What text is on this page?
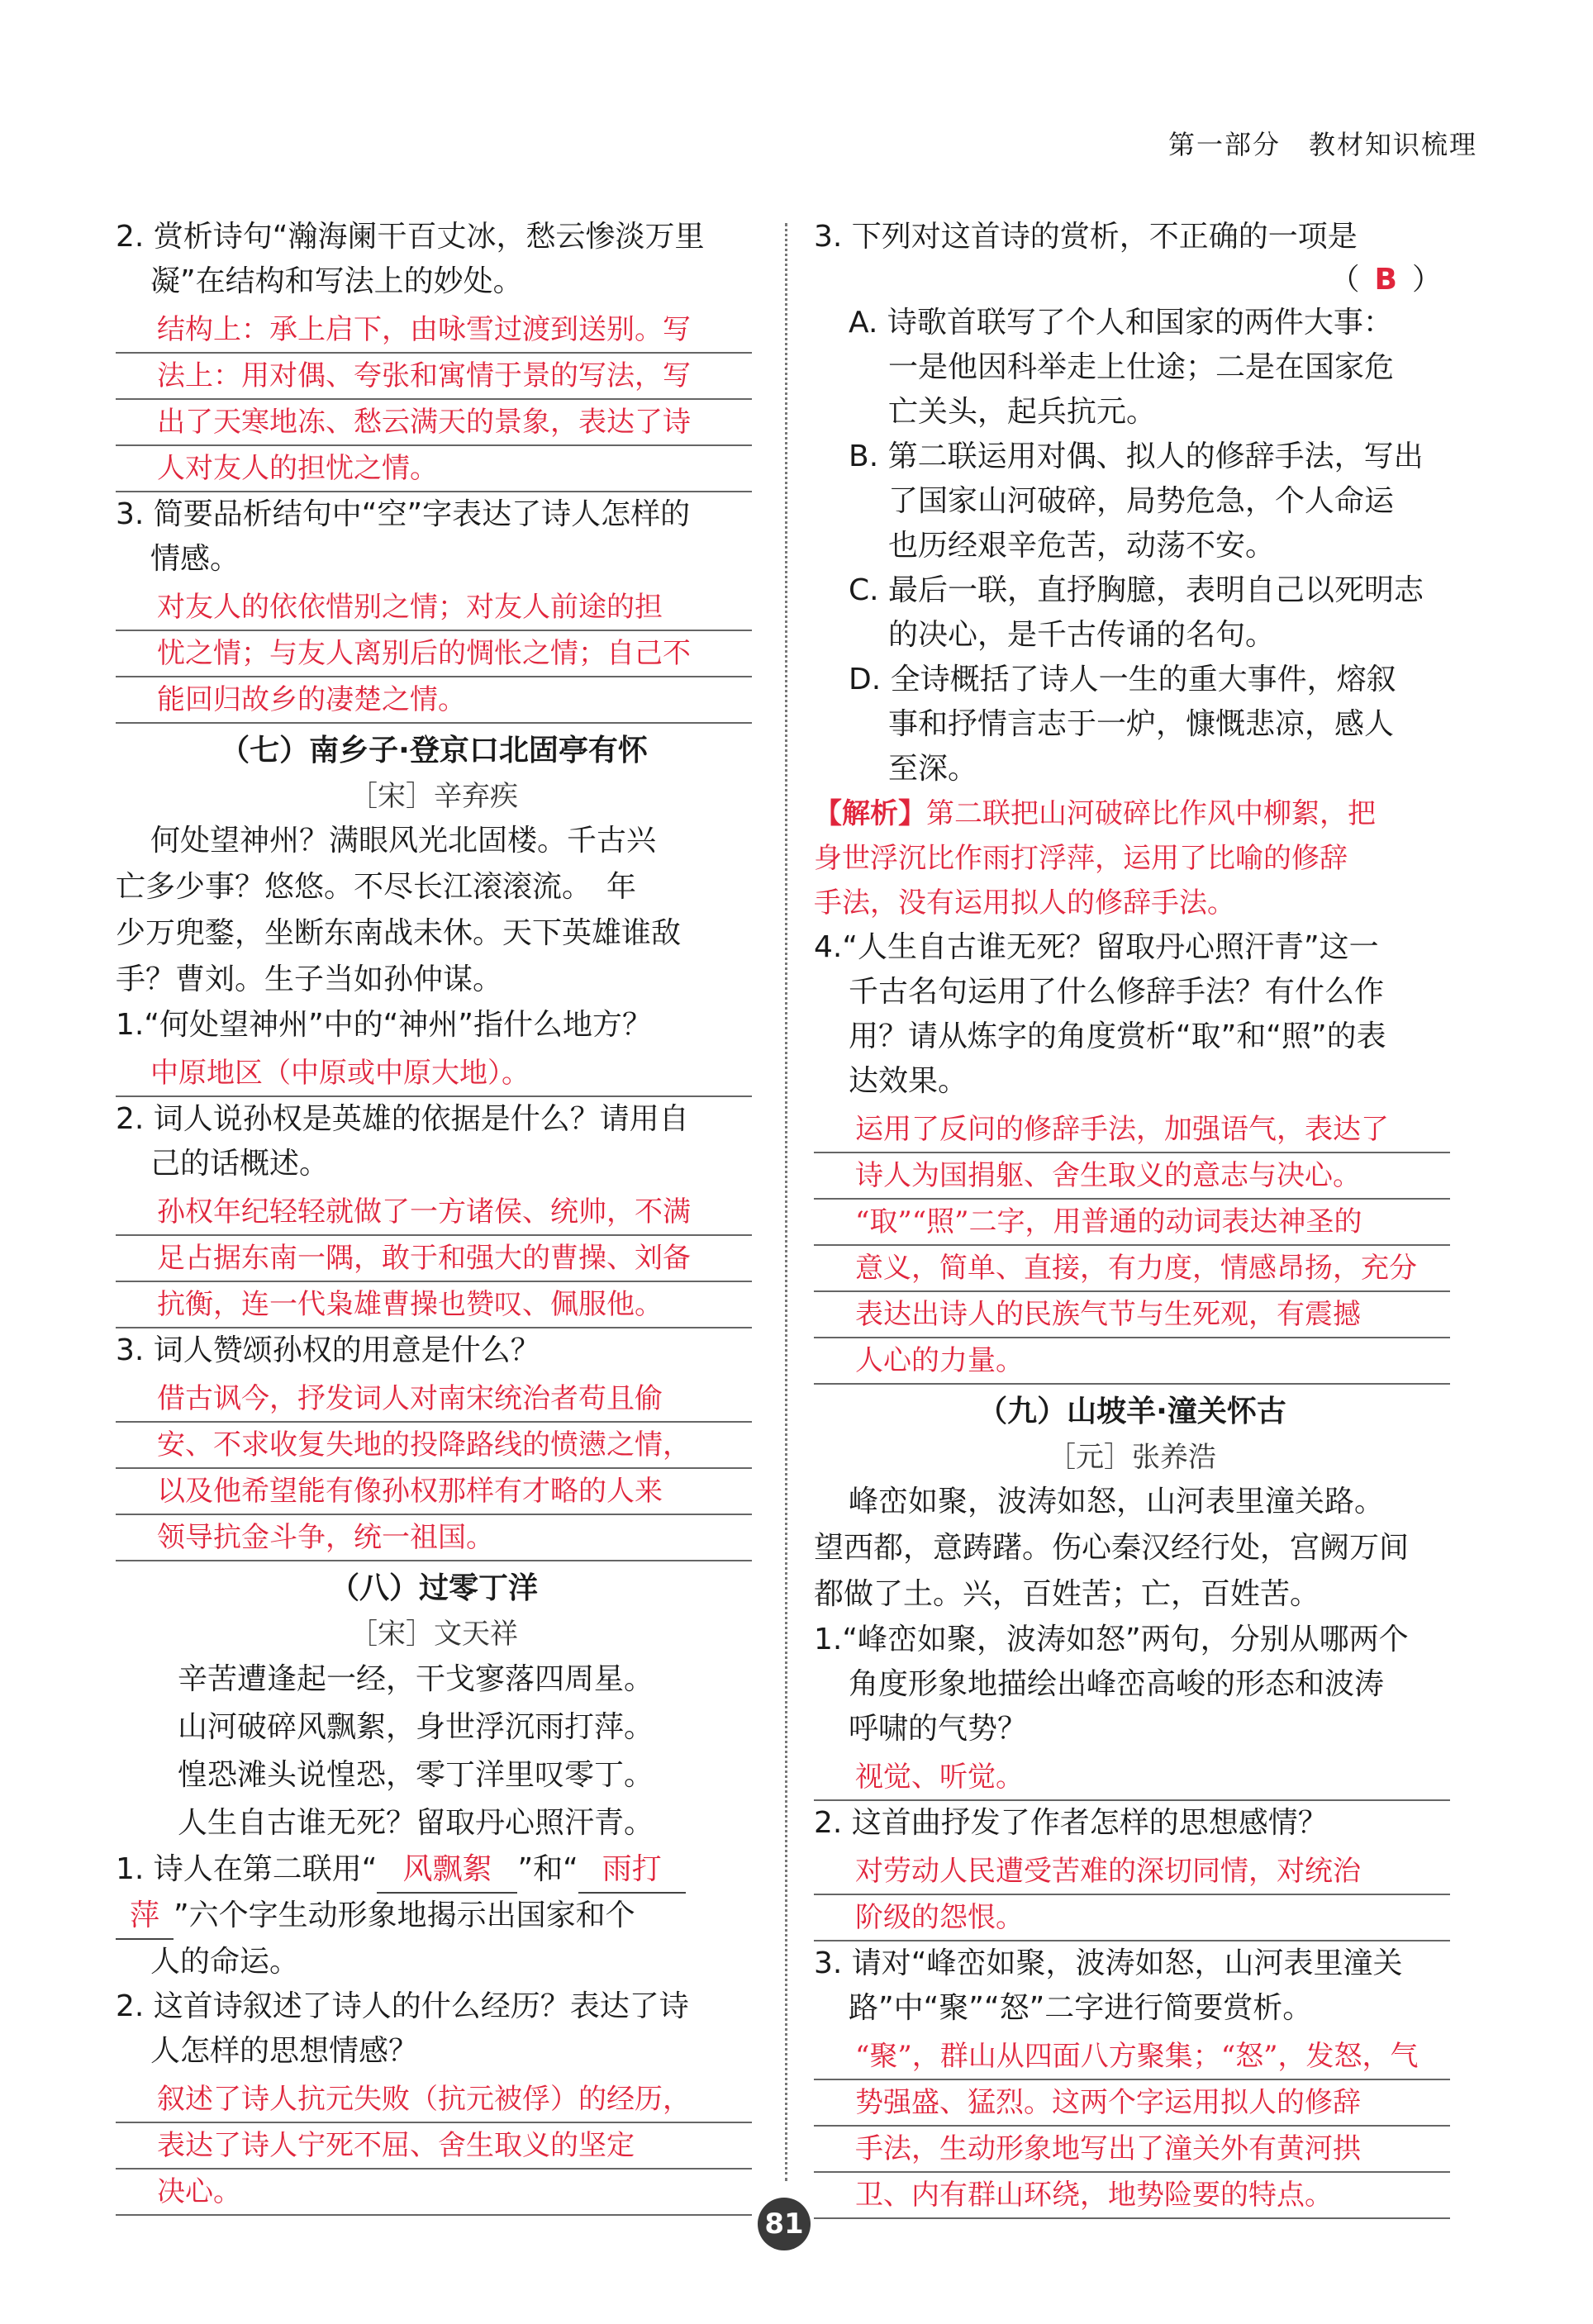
第一部分 教材知识梳理
2. 赏析诗句“瀚海阑干百丈冰，愁云惨淡万里
凝”在结构和写法上的妙处。
结构上：承上启下，由咏雪过渡到送别。写
法上：用对偶、夸张和寓情于景的写法，写
出了天寒地冻、愁云满天的景象，表达了诗
人对友人的担忧之情。
3. 简要品析结句中“空”字表达了诗人怎样的
情感。
对友人的依依惜别之情；对友人前途的担
忧之情；与友人离别后的惆怅之情；自己不
能回归故乡的凄楚之情。
（七）南乡子·登京口北固亭有怀
［宋］辛弃疾
何处望神州？满眼风光北固楼。千古兴
亡多少事？悠悠。不尽长江滚滚流。　年
少万兜鍪，坐断东南战未休。天下英雄谁敌
手？曹刘。生子当如孙仲谋。
1.“何处望神州”中的“神州”指什么地方？
中原地区（中原或中原大地）。
2. 词人说孙权是英雄的依据是什么？请用自
己的话概述。
孙权年纪轻轻就做了一方诸侯、统帅，不满
足占据东南一隅，敢于和强大的曹操、刘备
抗衡，连一代枭雄曹操也赞叹、佩服他。
3. 词人赞颂孙权的用意是什么？
借古讽今，抒发词人对南宋统治者苟且偷
安、不求收复失地的投降路线的愤懑之情，
以及他希望能有像孙权那样有才略的人来
领导抗金斗争，统一祖国。
（八）过零丁洋
［宋］文天祥
辛苦遭逢起一经，干戈寥落四周星。
山河破碎风飘絮，身世浮沉雨打萍。
惶恐滩头说惶恐，零丁洋里叹零丁。
人生自古谁无死？留取丹心照汗青。
1. 诗人在第二联用“ 风飘絮 ”和“ 雨打
萍 ”六个字生动形象地揭示出国家和个
人的命运。
2. 这首诗叙述了诗人的什么经历？表达了诗
人怎样的思想情感？
叙述了诗人抗元失败（抗元被俘）的经历，
表达了诗人宁死不屈、舍生取义的坚定
决心。
3. 下列对这首诗的赏析，不正确的一项是
（ B ）
A. 诗歌首联写了个人和国家的两件大事：
一是他因科举走上仕途；二是在国家危
亡关头，起兵抗元。
B. 第二联运用对偶、拟人的修辞手法，写出
了国家山河破碎，局势危急，个人命运
也历经艰辛危苦，动荡不安。
C. 最后一联，直抒胸臆，表明自己以死明志
的决心，是千古传诵的名句。
D. 全诗概括了诗人一生的重大事件，熔叙
事和抒情言志于一炉，慷慨悲凉，感人
至深。
【解析】第二联把山河破碎比作风中柳絮，把
身世浮沉比作雨打浮萍，运用了比喻的修辞
手法，没有运用拟人的修辞手法。
4.“人生自古谁无死？留取丹心照汗青”这一
千古名句运用了什么修辞手法？有什么作
用？请从炼字的角度赏析“取”和“照”的表
达效果。
运用了反问的修辞手法，加强语气，表达了
诗人为国捐躯、舍生取义的意志与决心。
“取”“照”二字，用普通的动词表达神圣的
意义，简单、直接，有力度，情感昂扬，充分
表达出诗人的民族气节与生死观，有震撼
人心的力量。
（九）山坡羊·潼关怀古
［元］张养浩
峰峦如聚，波涛如怒，山河表里潼关路。
望西都，意踌躇。伤心秦汉经行处，宫阙万间
都做了土。兴，百姓苦；亡，百姓苦。
1.“峰峦如聚，波涛如怒”两句，分别从哪两个
角度形象地描绘出峰峦高峻的形态和波涛
呼啸的气势？
视觉、听觉。
2. 这首曲抒发了作者怎样的思想感情？
对劳动人民遭受苦难的深切同情，对统治
阶级的怨恨。
3. 请对“峰峦如聚，波涛如怒，山河表里潼关
路”中“聚”“怒”二字进行简要赏析。
“聚”，群山从四面八方聚集；“怒”，发怒，气
势强盛、猛烈。这两个字运用拟人的修辞
手法，生动形象地写出了潼关外有黄河拱
卫、内有群山环绕，地势险要的特点。
81
